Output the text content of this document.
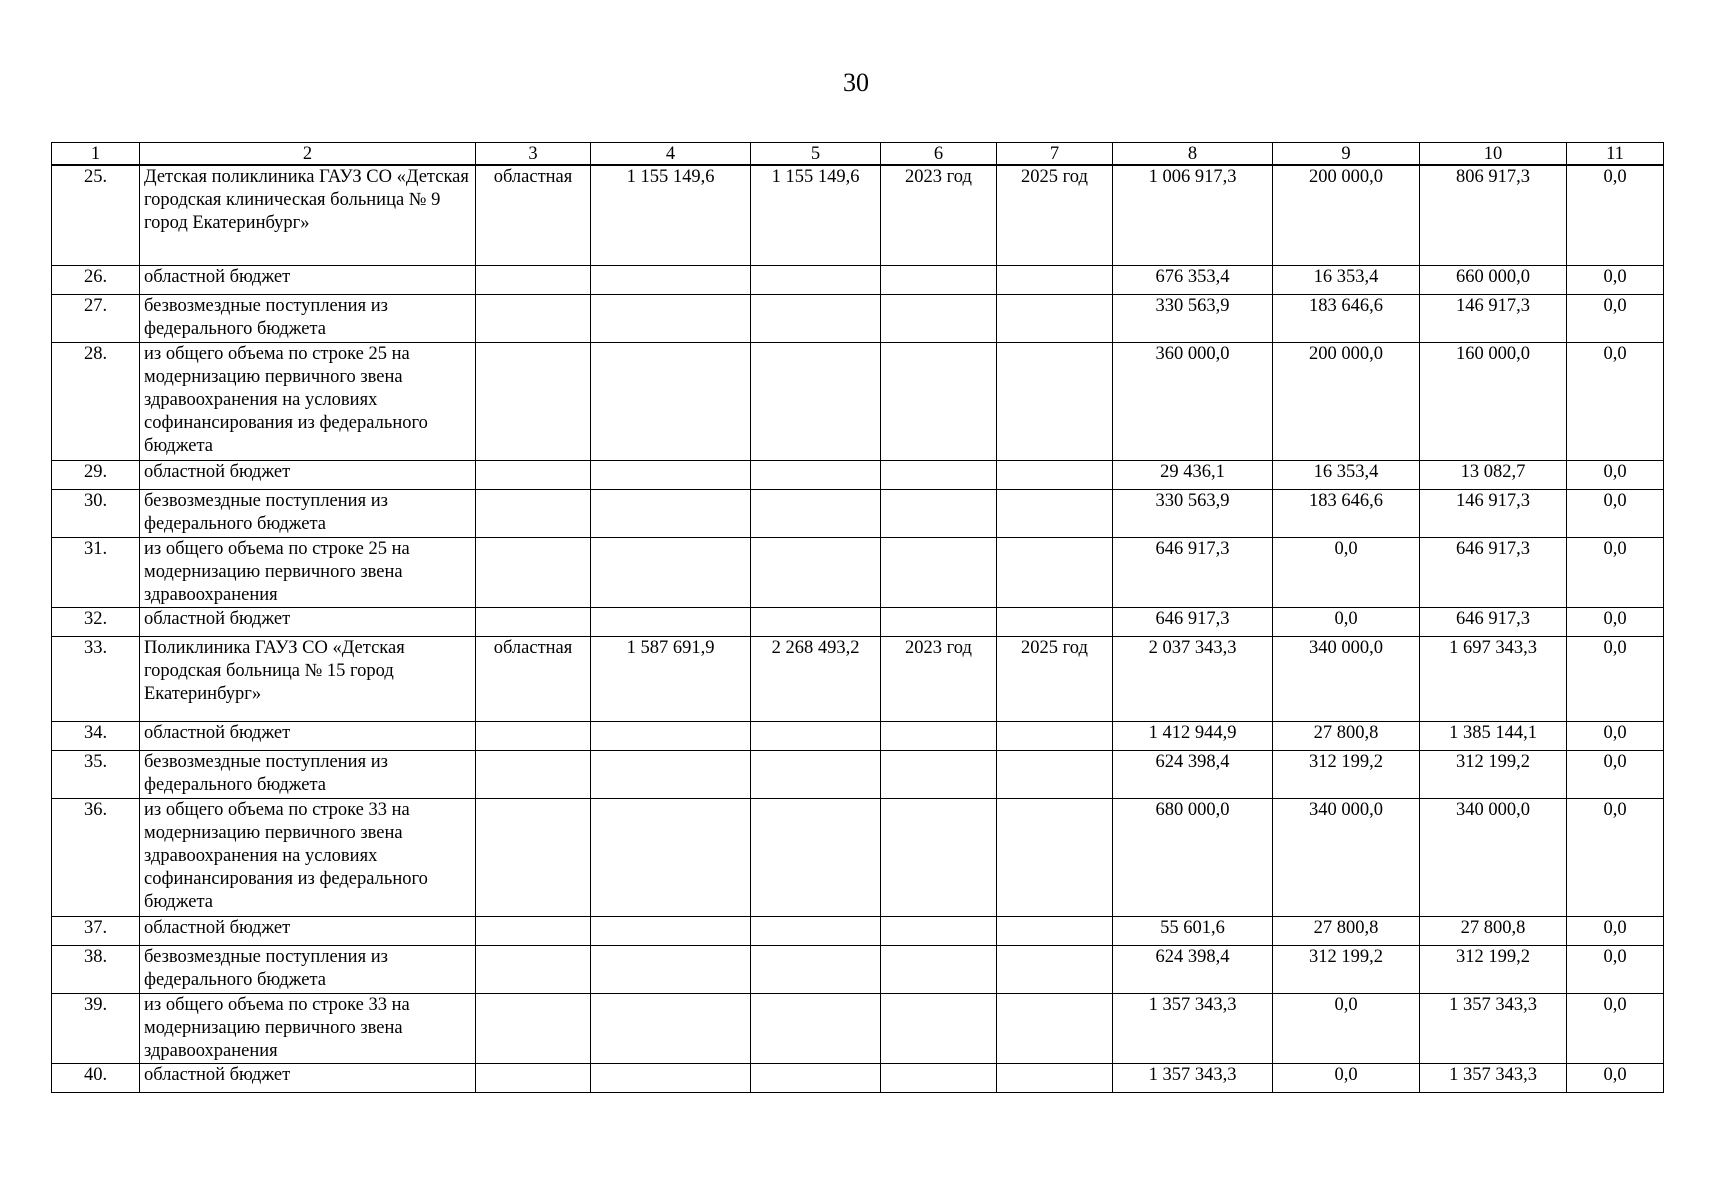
30
1	2	3	4	5	6	7	8	9	10	11
25.	Детская поликлиника ГАУЗ СО «Детская городская клиническая больница № 9 город Екатеринбург»	областная	1 155 149,6	1 155 149,6	2023 год	2025 год	1 006 917,3	200 000,0	806 917,3	0,0
26.	областной бюджет						676 353,4	16 353,4	660 000,0	0,0
27.	безвозмездные поступления из федерального бюджета						330 563,9	183 646,6	146 917,3	0,0
28.	из общего объема по строке 25 на модернизацию первичного звена здравоохранения на условиях софинансирования из федерального бюджета						360 000,0	200 000,0	160 000,0	0,0
29.	областной бюджет						29 436,1	16 353,4	13 082,7	0,0
30.	безвозмездные поступления из федерального бюджета						330 563,9	183 646,6	146 917,3	0,0
31.	из общего объема по строке 25 на модернизацию первичного звена здравоохранения						646 917,3	0,0	646 917,3	0,0
32.	областной бюджет						646 917,3	0,0	646 917,3	0,0
33.	Поликлиника ГАУЗ СО «Детская городская больница № 15 город Екатеринбург»	областная	1 587 691,9	2 268 493,2	2023 год	2025 год	2 037 343,3	340 000,0	1 697 343,3	0,0
34.	областной бюджет						1 412 944,9	27 800,8	1 385 144,1	0,0
35.	безвозмездные поступления из федерального бюджета						624 398,4	312 199,2	312 199,2	0,0
36.	из общего объема по строке 33 на модернизацию первичного звена здравоохранения на условиях софинансирования из федерального бюджета						680 000,0	340 000,0	340 000,0	0,0
37.	областной бюджет						55 601,6	27 800,8	27 800,8	0,0
38.	безвозмездные поступления из федерального бюджета						624 398,4	312 199,2	312 199,2	0,0
39.	из общего объема по строке 33 на модернизацию первичного звена здравоохранения						1 357 343,3	0,0	1 357 343,3	0,0
40.	областной бюджет						1 357 343,3	0,0	1 357 343,3	0,0
